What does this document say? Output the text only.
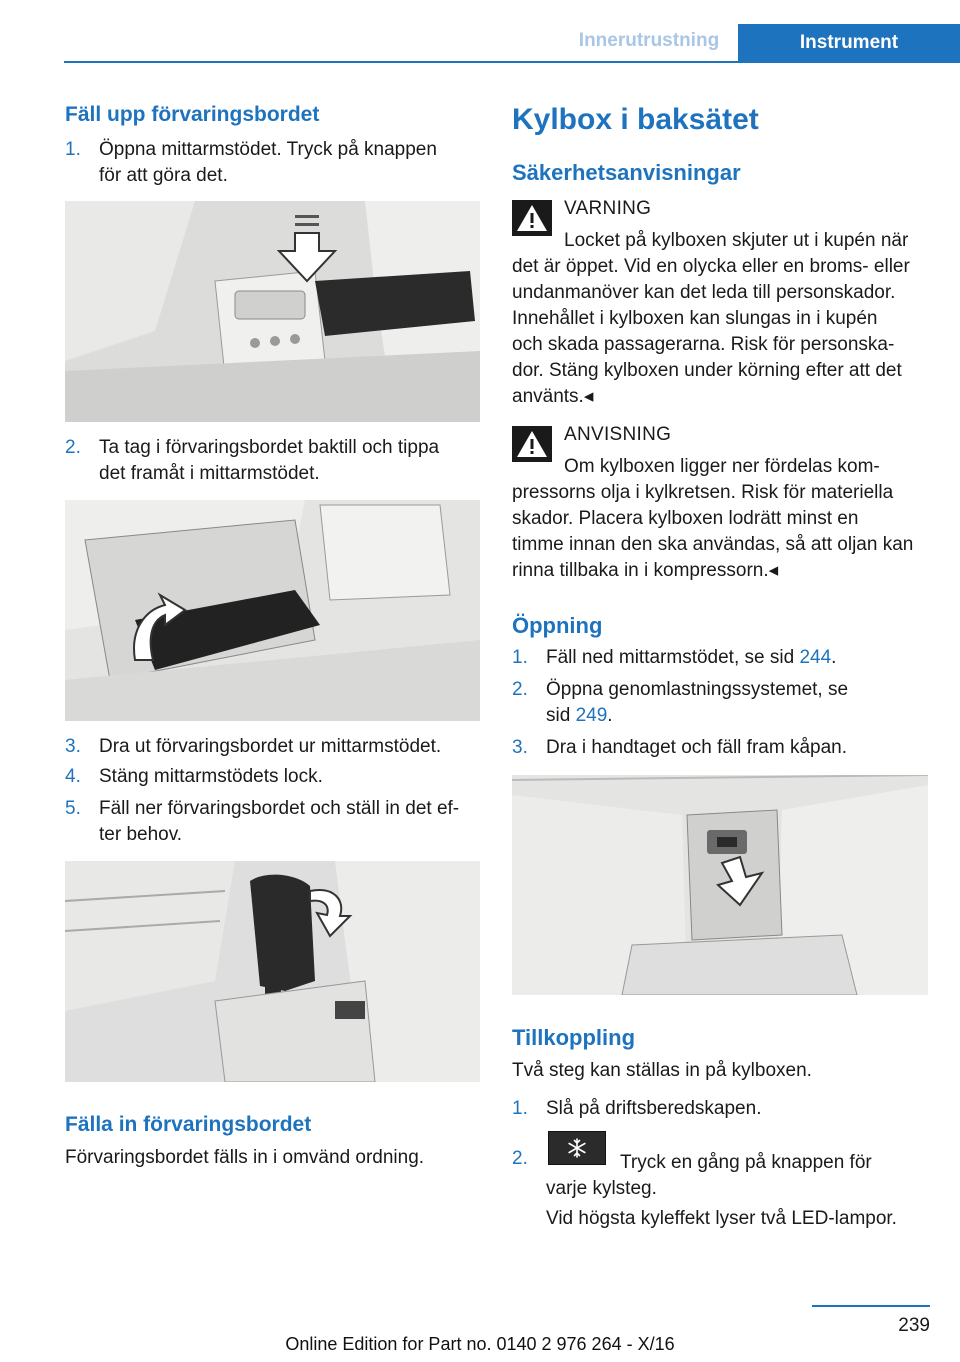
Innerutrustning	Instrument
Fäll upp förvaringsbordet
1. Öppna mittarmstödet. Tryck på knappen
för att göra det.
2. Ta tag i förvaringsbordet baktill och tippa
det framåt i mittarmstödet.
3. Dra ut förvaringsbordet ur mittarmstödet.
4. Stäng mittarmstödets lock.
5. Fäll ner förvaringsbordet och ställ in det ef-
ter behov.
Fälla in förvaringsbordet

Förvaringsbordet fälls in i omvänd ordning.

Kylbox i baksätet
Säkerhetsanvisningar
VARNING
Locket på kylboxen skjuter ut i kupén när
det är öppet. Vid en olycka eller en broms- eller
undanmanöver kan det leda till personskador.
Innehållet i kylboxen kan slungas in i kupén
och skada passagerarna. Risk för personska-
dor. Stäng kylboxen under körning efter att det
använts.◂
ANVISNING
Om kylboxen ligger ner fördelas kom-
pressorns olja i kylkretsen. Risk för materiella
skador. Placera kylboxen lodrätt minst en
timme innan den ska användas, så att oljan kan
rinna tillbaka in i kompressorn.◂
Öppning
1. Fäll ned mittarmstödet, se sid 244.
2. Öppna genomlastningssystemet, se
sid 249.
3. Dra i handtaget och fäll fram kåpan.
Tillkoppling

Två steg kan ställas in på kylboxen.

1. Slå på driftsberedskapen.
2.	Tryck en gång på knappen för
varje kylsteg.
Vid högsta kyleffekt lyser två LED-lampor.
239
Online Edition for Part no. 0140 2 976 264 - X/16
